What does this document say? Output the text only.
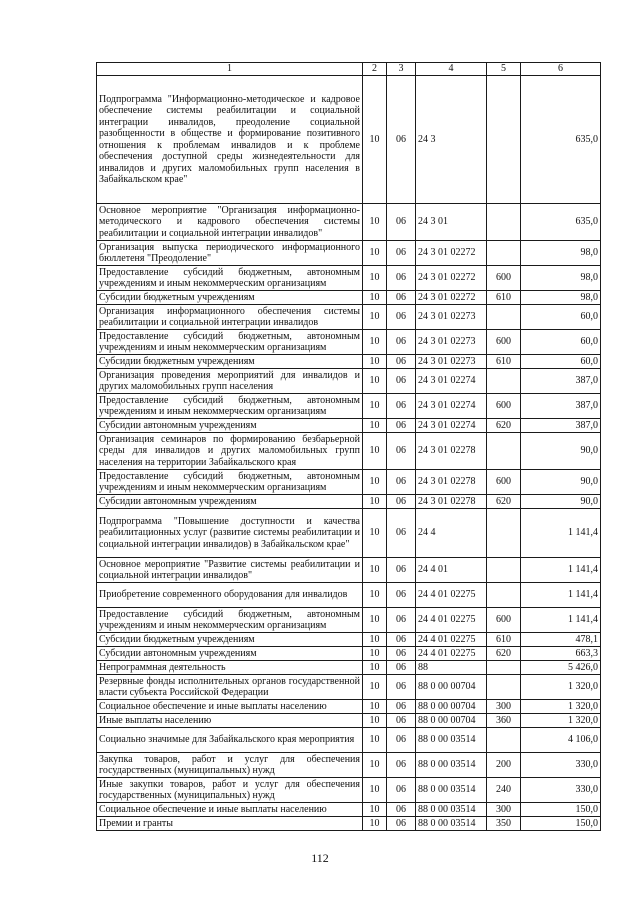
1	2	3	4	5	6
Подпрограмма "Информационно-методическое и кадровое обеспечение системы реабилитации и социальной интеграции инвалидов, преодоление социальной разобщенности в обществе и формирование позитивного отношения к проблемам инвалидов и к проблеме обеспечения доступной среды жизнедеятельности для инвалидов и других маломобильных групп населения в Забайкальском крае"	10	06	24 3		635,0
Основное мероприятие "Организация информационно-методического и кадрового обеспечения системы реабилитации и социальной интеграции инвалидов"	10	06	24 3 01		635,0
Организация выпуска периодического информационного бюллетеня "Преодоление"	10	06	24 3 01 02272		98,0
Предоставление субсидий бюджетным, автономным учреждениям и иным некоммерческим организациям	10	06	24 3 01 02272	600	98,0
Субсидии бюджетным учреждениям	10	06	24 3 01 02272	610	98,0
Организация информационного обеспечения системы реабилитации и социальной интеграции инвалидов	10	06	24 3 01 02273		60,0
Предоставление субсидий бюджетным, автономным учреждениям и иным некоммерческим организациям	10	06	24 3 01 02273	600	60,0
Субсидии бюджетным учреждениям	10	06	24 3 01 02273	610	60,0
Организация проведения мероприятий для инвалидов и других маломобильных групп населения	10	06	24 3 01 02274		387,0
Предоставление субсидий бюджетным, автономным учреждениям и иным некоммерческим организациям	10	06	24 3 01 02274	600	387,0
Субсидии автономным учреждениям	10	06	24 3 01 02274	620	387,0
Организация семинаров по формированию безбарьерной среды для инвалидов и других маломобильных групп населения на территории Забайкальского края	10	06	24 3 01 02278		90,0
Предоставление субсидий бюджетным, автономным учреждениям и иным некоммерческим организациям	10	06	24 3 01 02278	600	90,0
Субсидии автономным учреждениям	10	06	24 3 01 02278	620	90,0
Подпрограмма "Повышение доступности и качества реабилитационных услуг (развитие системы реабилитации и социальной интеграции инвалидов) в Забайкальском крае"	10	06	24 4		1 141,4
Основное мероприятие "Развитие системы реабилитации и социальной интеграции инвалидов"	10	06	24 4 01		1 141,4
Приобретение современного оборудования для инвалидов	10	06	24 4 01 02275		1 141,4
Предоставление субсидий бюджетным, автономным учреждениям и иным некоммерческим организациям	10	06	24 4 01 02275	600	1 141,4
Субсидии бюджетным учреждениям	10	06	24 4 01 02275	610	478,1
Субсидии автономным учреждениям	10	06	24 4 01 02275	620	663,3
Непрограммная деятельность	10	06	88		5 426,0
Резервные фонды исполнительных органов государственной власти субъекта Российской Федерации	10	06	88 0 00 00704		1 320,0
Социальное обеспечение и иные выплаты населению	10	06	88 0 00 00704	300	1 320,0
Иные выплаты населению	10	06	88 0 00 00704	360	1 320,0
Социально значимые для Забайкальского края мероприятия	10	06	88 0 00 03514		4 106,0
Закупка товаров, работ и услуг для обеспечения государственных (муниципальных) нужд	10	06	88 0 00 03514	200	330,0
Иные закупки товаров, работ и услуг для обеспечения государственных (муниципальных) нужд	10	06	88 0 00 03514	240	330,0
Социальное обеспечение и иные выплаты населению	10	06	88 0 00 03514	300	150,0
Премии и гранты	10	06	88 0 00 03514	350	150,0
112
